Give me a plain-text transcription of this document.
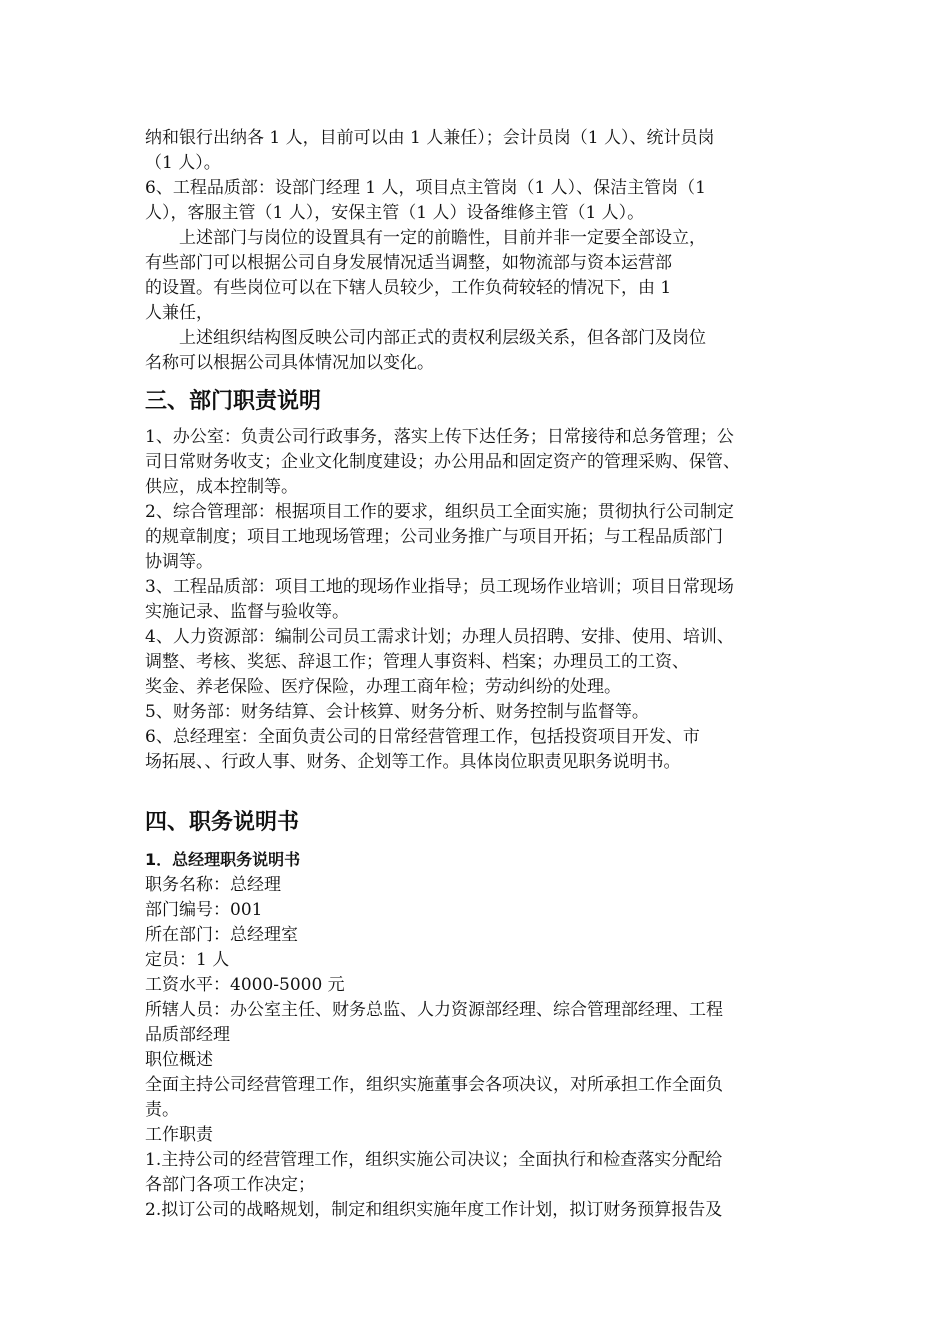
纳和银行出纳各 1 人，目前可以由 1 人兼任）；会计员岗（1 人）、统计员岗
（1 人）。
6、工程品质部：设部门经理 1 人，项目点主管岗（1 人）、保洁主管岗（1
人），客服主管（1 人），安保主管（1 人）设备维修主管（1 人）。
　　上述部门与岗位的设置具有一定的前瞻性，目前并非一定要全部设立，
有些部门可以根据公司自身发展情况适当调整，如物流部与资本运营部
的设置。有些岗位可以在下辖人员较少，工作负荷较轻的情况下，由 1
人兼任，
　　上述组织结构图反映公司内部正式的责权利层级关系，但各部门及岗位
名称可以根据公司具体情况加以变化。
三、部门职责说明
1、办公室：负责公司行政事务，落实上传下达任务；日常接待和总务管理；公
司日常财务收支；企业文化制度建设；办公用品和固定资产的管理采购、保管、
供应，成本控制等。
2、综合管理部：根据项目工作的要求，组织员工全面实施；贯彻执行公司制定
的规章制度；项目工地现场管理；公司业务推广与项目开拓；与工程品质部门
协调等。
3、工程品质部：项目工地的现场作业指导；员工现场作业培训；项目日常现场
实施记录、监督与验收等。
4、人力资源部：编制公司员工需求计划；办理人员招聘、安排、使用、培训、
调整、考核、奖惩、辞退工作；管理人事资料、档案；办理员工的工资、
奖金、养老保险、医疗保险，办理工商年检；劳动纠纷的处理。
5、财务部：财务结算、会计核算、财务分析、财务控制与监督等。
6、总经理室：全面负责公司的日常经营管理工作，包括投资项目开发、市
场拓展、、行政人事、财务、企划等工作。具体岗位职责见职务说明书。
四、职务说明书
1．总经理职务说明书
职务名称：总经理
部门编号：001
所在部门：总经理室
定员：1 人
工资水平：4000-5000 元
所辖人员：办公室主任、财务总监、人力资源部经理、综合管理部经理、工程
品质部经理
职位概述
全面主持公司经营管理工作，组织实施董事会各项决议，对所承担工作全面负
责。
工作职责
1.主持公司的经营管理工作，组织实施公司决议；全面执行和检查落实分配给
各部门各项工作决定；
2.拟订公司的战略规划，制定和组织实施年度工作计划，拟订财务预算报告及
